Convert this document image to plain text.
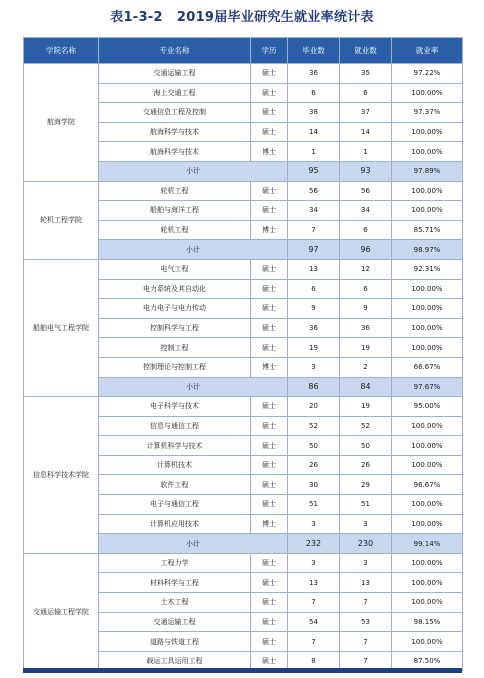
表1-3-2 2019届毕业研究生就业率统计表
学院名称	专业名称	学历	毕业数	就业数	就业率
航海学院	交通运输工程	硕士	36	35	97.22%
	海上交通工程	硕士	6	6	100.00%
	交通信息工程及控制	硕士	38	37	97.37%
	航海科学与技术	硕士	14	14	100.00%
	航海科学与技术	博士	1	1	100.00%
	小计		95	93	97.89%
轮机工程学院	轮机工程	硕士	56	56	100.00%
	船舶与海洋工程	硕士	34	34	100.00%
	轮机工程	博士	7	6	85.71%
	小计		97	96	98.97%
船舶电气工程学院	电气工程	硕士	13	12	92.31%
	电力系统及其自动化	硕士	6	6	100.00%
	电力电子与电力传动	硕士	9	9	100.00%
	控制科学与工程	硕士	36	36	100.00%
	控制工程	硕士	19	19	100.00%
	控制理论与控制工程	博士	3	2	66.67%
	小计		86	84	97.67%
信息科学技术学院	电子科学与技术	硕士	20	19	95.00%
	信息与通信工程	硕士	52	52	100.00%
	计算机科学与技术	硕士	50	50	100.00%
	计算机技术	硕士	26	26	100.00%
	软件工程	硕士	30	29	96.67%
	电子与通信工程	硕士	51	51	100.00%
	计算机应用技术	博士	3	3	100.00%
	小计		232	230	99.14%
交通运输工程学院	工程力学	硕士	3	3	100.00%
	材料科学与工程	硕士	13	13	100.00%
	土木工程	硕士	7	7	100.00%
	交通运输工程	硕士	54	53	98.15%
	道路与铁道工程	硕士	7	7	100.00%
	载运工具运用工程	硕士	8	7	87.50%
